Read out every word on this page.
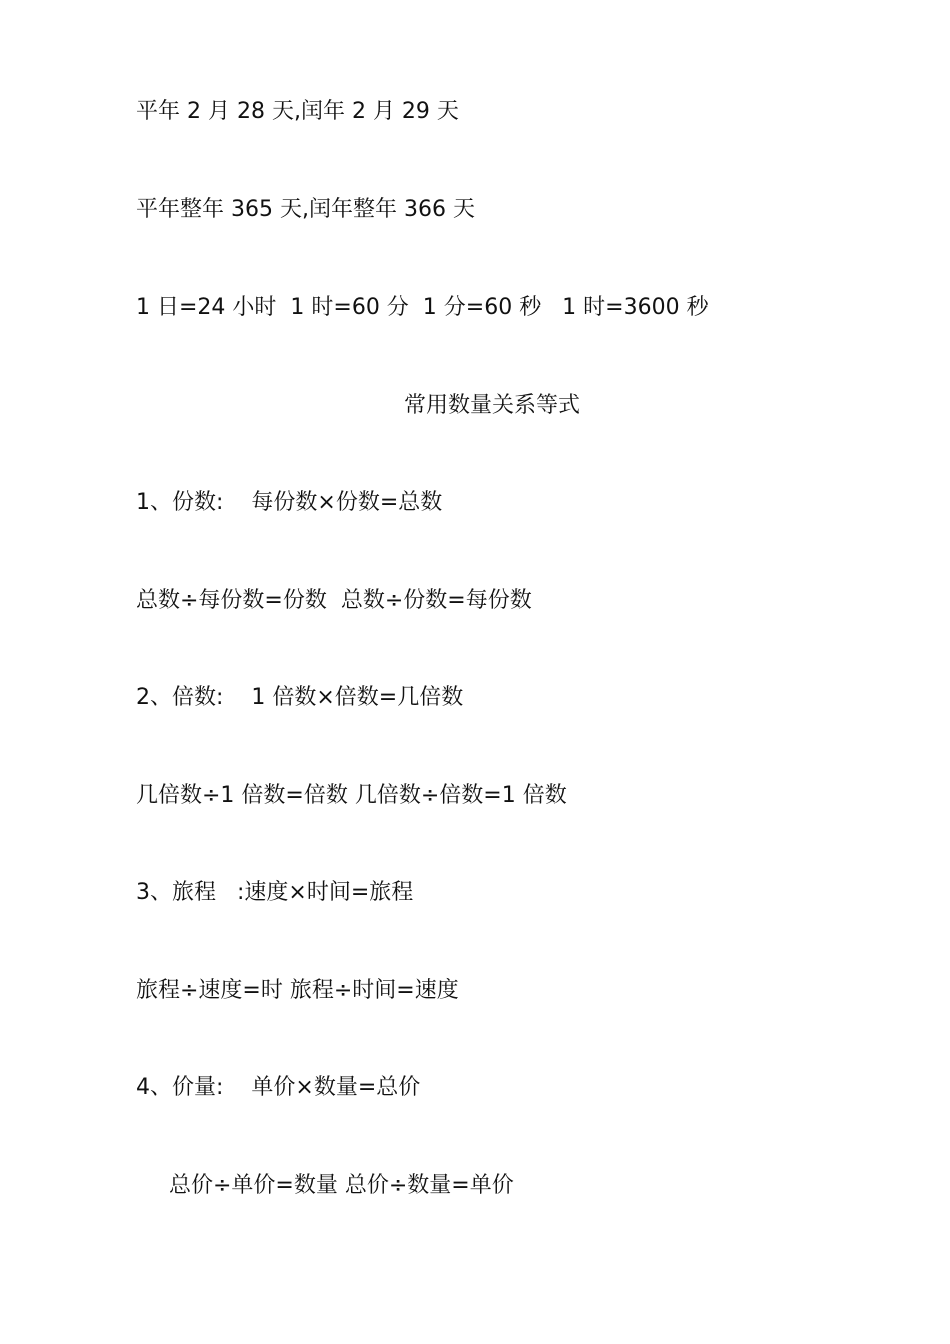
平年 2 月 28 天,闰年 2 月 29 天
平年整年 365 天,闰年整年 366 天
1 日=24 小时  1 时=60 分  1 分=60 秒   1 时=3600 秒
常用数量关系等式
1、份数:    每份数×份数=总数
总数÷每份数=份数  总数÷份数=每份数
2、倍数:    1 倍数×倍数=几倍数
几倍数÷1 倍数=倍数 几倍数÷倍数=1 倍数
3、旅程   :速度×时间=旅程
旅程÷速度=时 旅程÷时间=速度
4、价量:    单价×数量=总价
总价÷单价=数量 总价÷数量=单价
